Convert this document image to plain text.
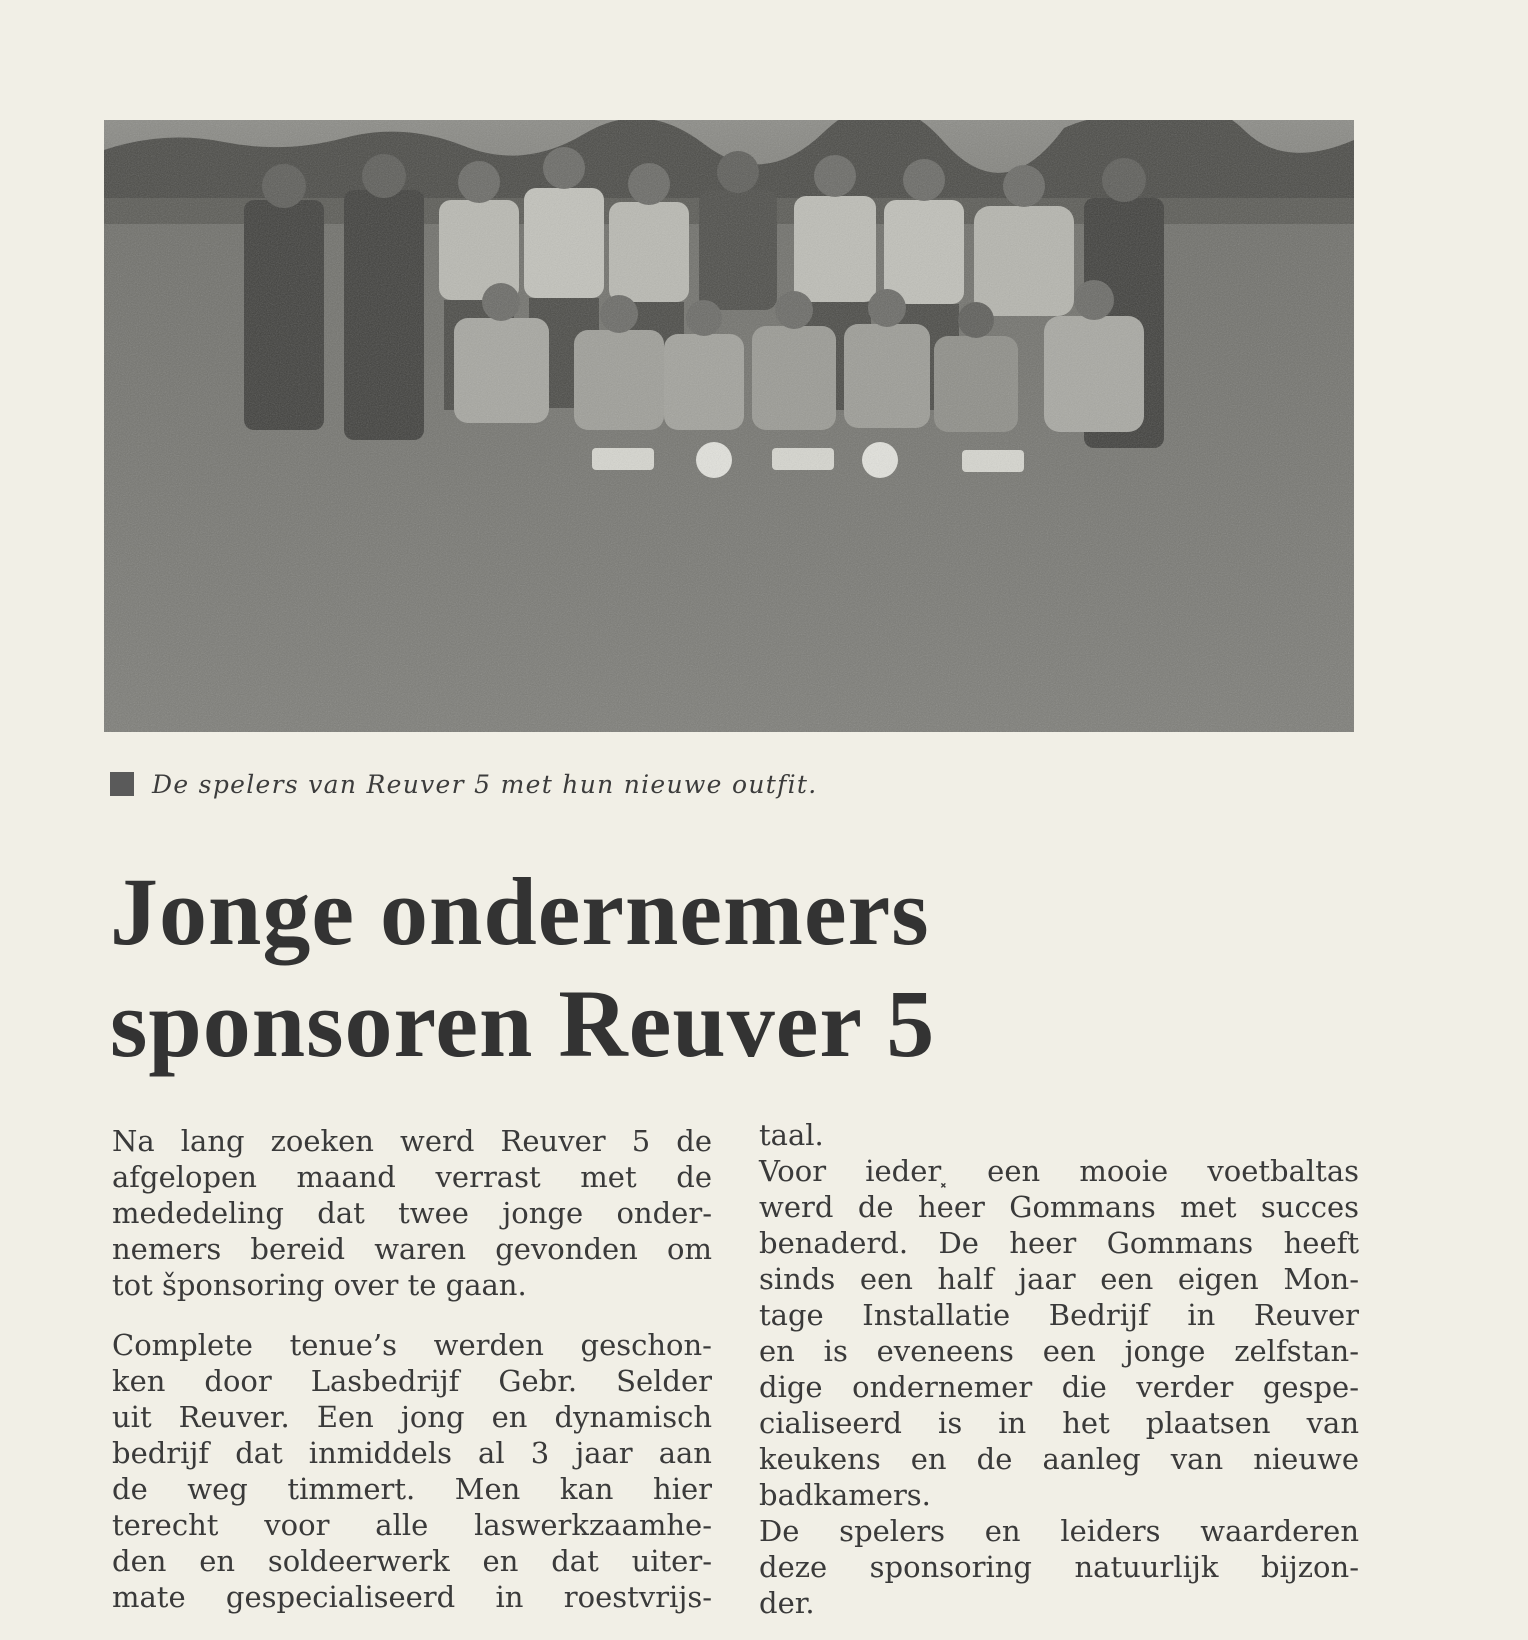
De spelers van Reuver 5 met hun nieuwe outfit.
Jonge ondernemers
sponsoren Reuver 5
Na lang zoeken werd Reuver 5 de
afgelopen maand verrast met de
mededeling dat twee jonge onder-
nemers bereid waren gevonden om
tot šponsoring over te gaan.
Complete tenue’s werden geschon-
ken door Lasbedrijf Gebr. Selder
uit Reuver. Een jong en dynamisch
bedrijf dat inmiddels al 3 jaar aan
de weg timmert. Men kan hier
terecht voor alle laswerkzaamhe-
den en soldeerwerk en dat uiter-
mate gespecialiseerd in roestvrijs-
taal.
Voor ieder⸼ een mooie voetbaltas
werd de heer Gommans met succes
benaderd. De heer Gommans heeft
sinds een half jaar een eigen Mon-
tage Installatie Bedrijf in Reuver
en is eveneens een jonge zelfstan-
dige ondernemer die verder gespe-
cialiseerd is in het plaatsen van
keukens en de aanleg van nieuwe
badkamers.
De spelers en leiders waarderen
deze sponsoring natuurlijk bijzon-
der.
